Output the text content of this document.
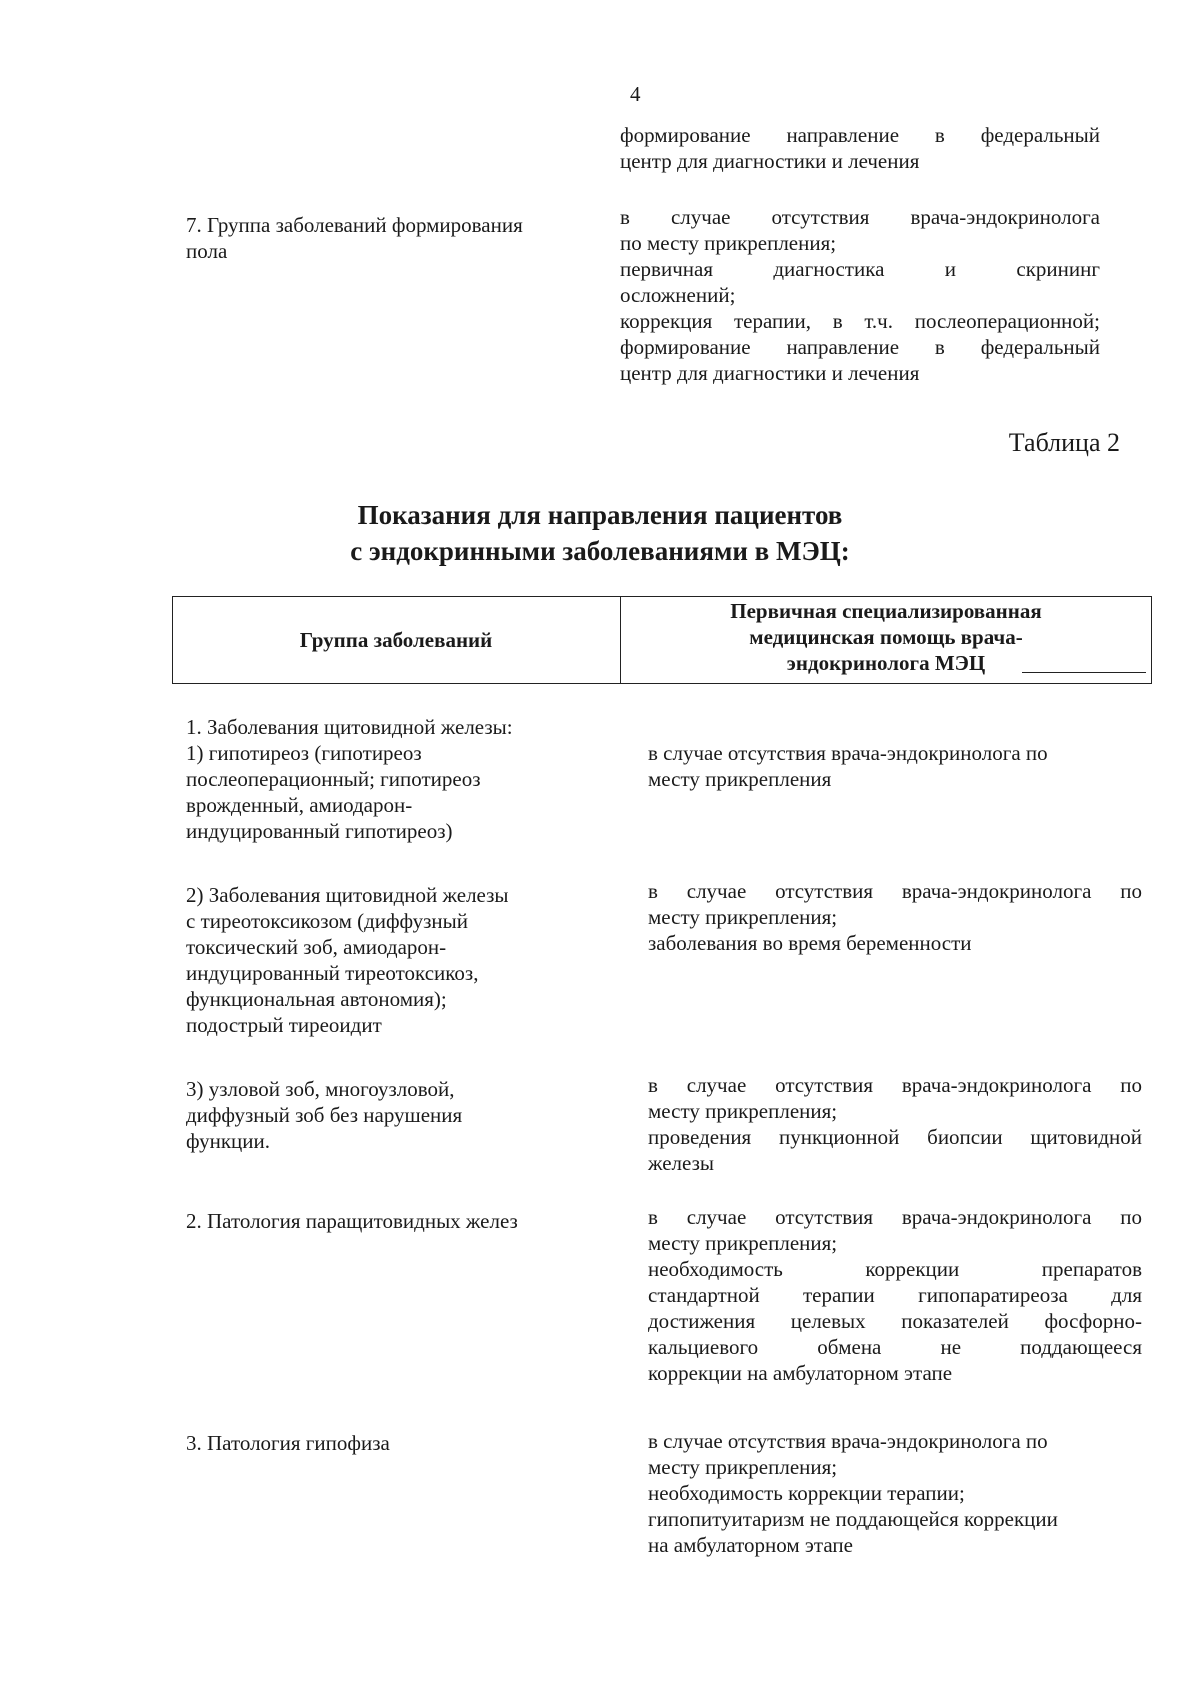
4
формирование направление в федеральный
центр для диагностики и лечения
7. Группа заболеваний формирования
пола
в случае отсутствия врача-эндокринолога
по месту прикрепления;
первичная диагностика и скрининг
осложнений;
коррекция терапии, в т.ч. послеоперационной;
формирование направление в федеральный
центр для диагностики и лечения
Таблица 2
Показания для направления пациентов
с эндокринными заболеваниями в МЭЦ:
Группа заболеваний
Первичная специализированная
медицинская помощь врача-
эндокринолога МЭЦ
1. Заболевания щитовидной железы:
1) гипотиреоз (гипотиреоз
послеоперационный; гипотиреоз
врожденный, амиодарон-
индуцированный гипотиреоз)
в случае отсутствия врача-эндокринолога по
месту прикрепления
2) Заболевания щитовидной железы
с тиреотоксикозом (диффузный
токсический зоб, амиодарон-
индуцированный тиреотоксикоз,
функциональная автономия);
подострый тиреоидит
в случае отсутствия врача-эндокринолога по
месту прикрепления;
заболевания во время беременности
3) узловой зоб, многоузловой,
диффузный зоб без нарушения
функции.
в случае отсутствия врача-эндокринолога по
месту прикрепления;
проведения пункционной биопсии щитовидной
железы
2. Патология паращитовидных желез	в случае отсутствия врача-эндокринолога по
месту прикрепления;
необходимость коррекции препаратов
стандартной терапии гипопаратиреоза для
достижения целевых показателей фосфорно-
кальциевого обмена не поддающееся
коррекции на амбулаторном этапе
3. Патология гипофиза	в случае отсутствия врача-эндокринолога по
месту прикрепления;
необходимость коррекции терапии;
гипопитуитаризм не поддающейся коррекции
на амбулаторном этапе
